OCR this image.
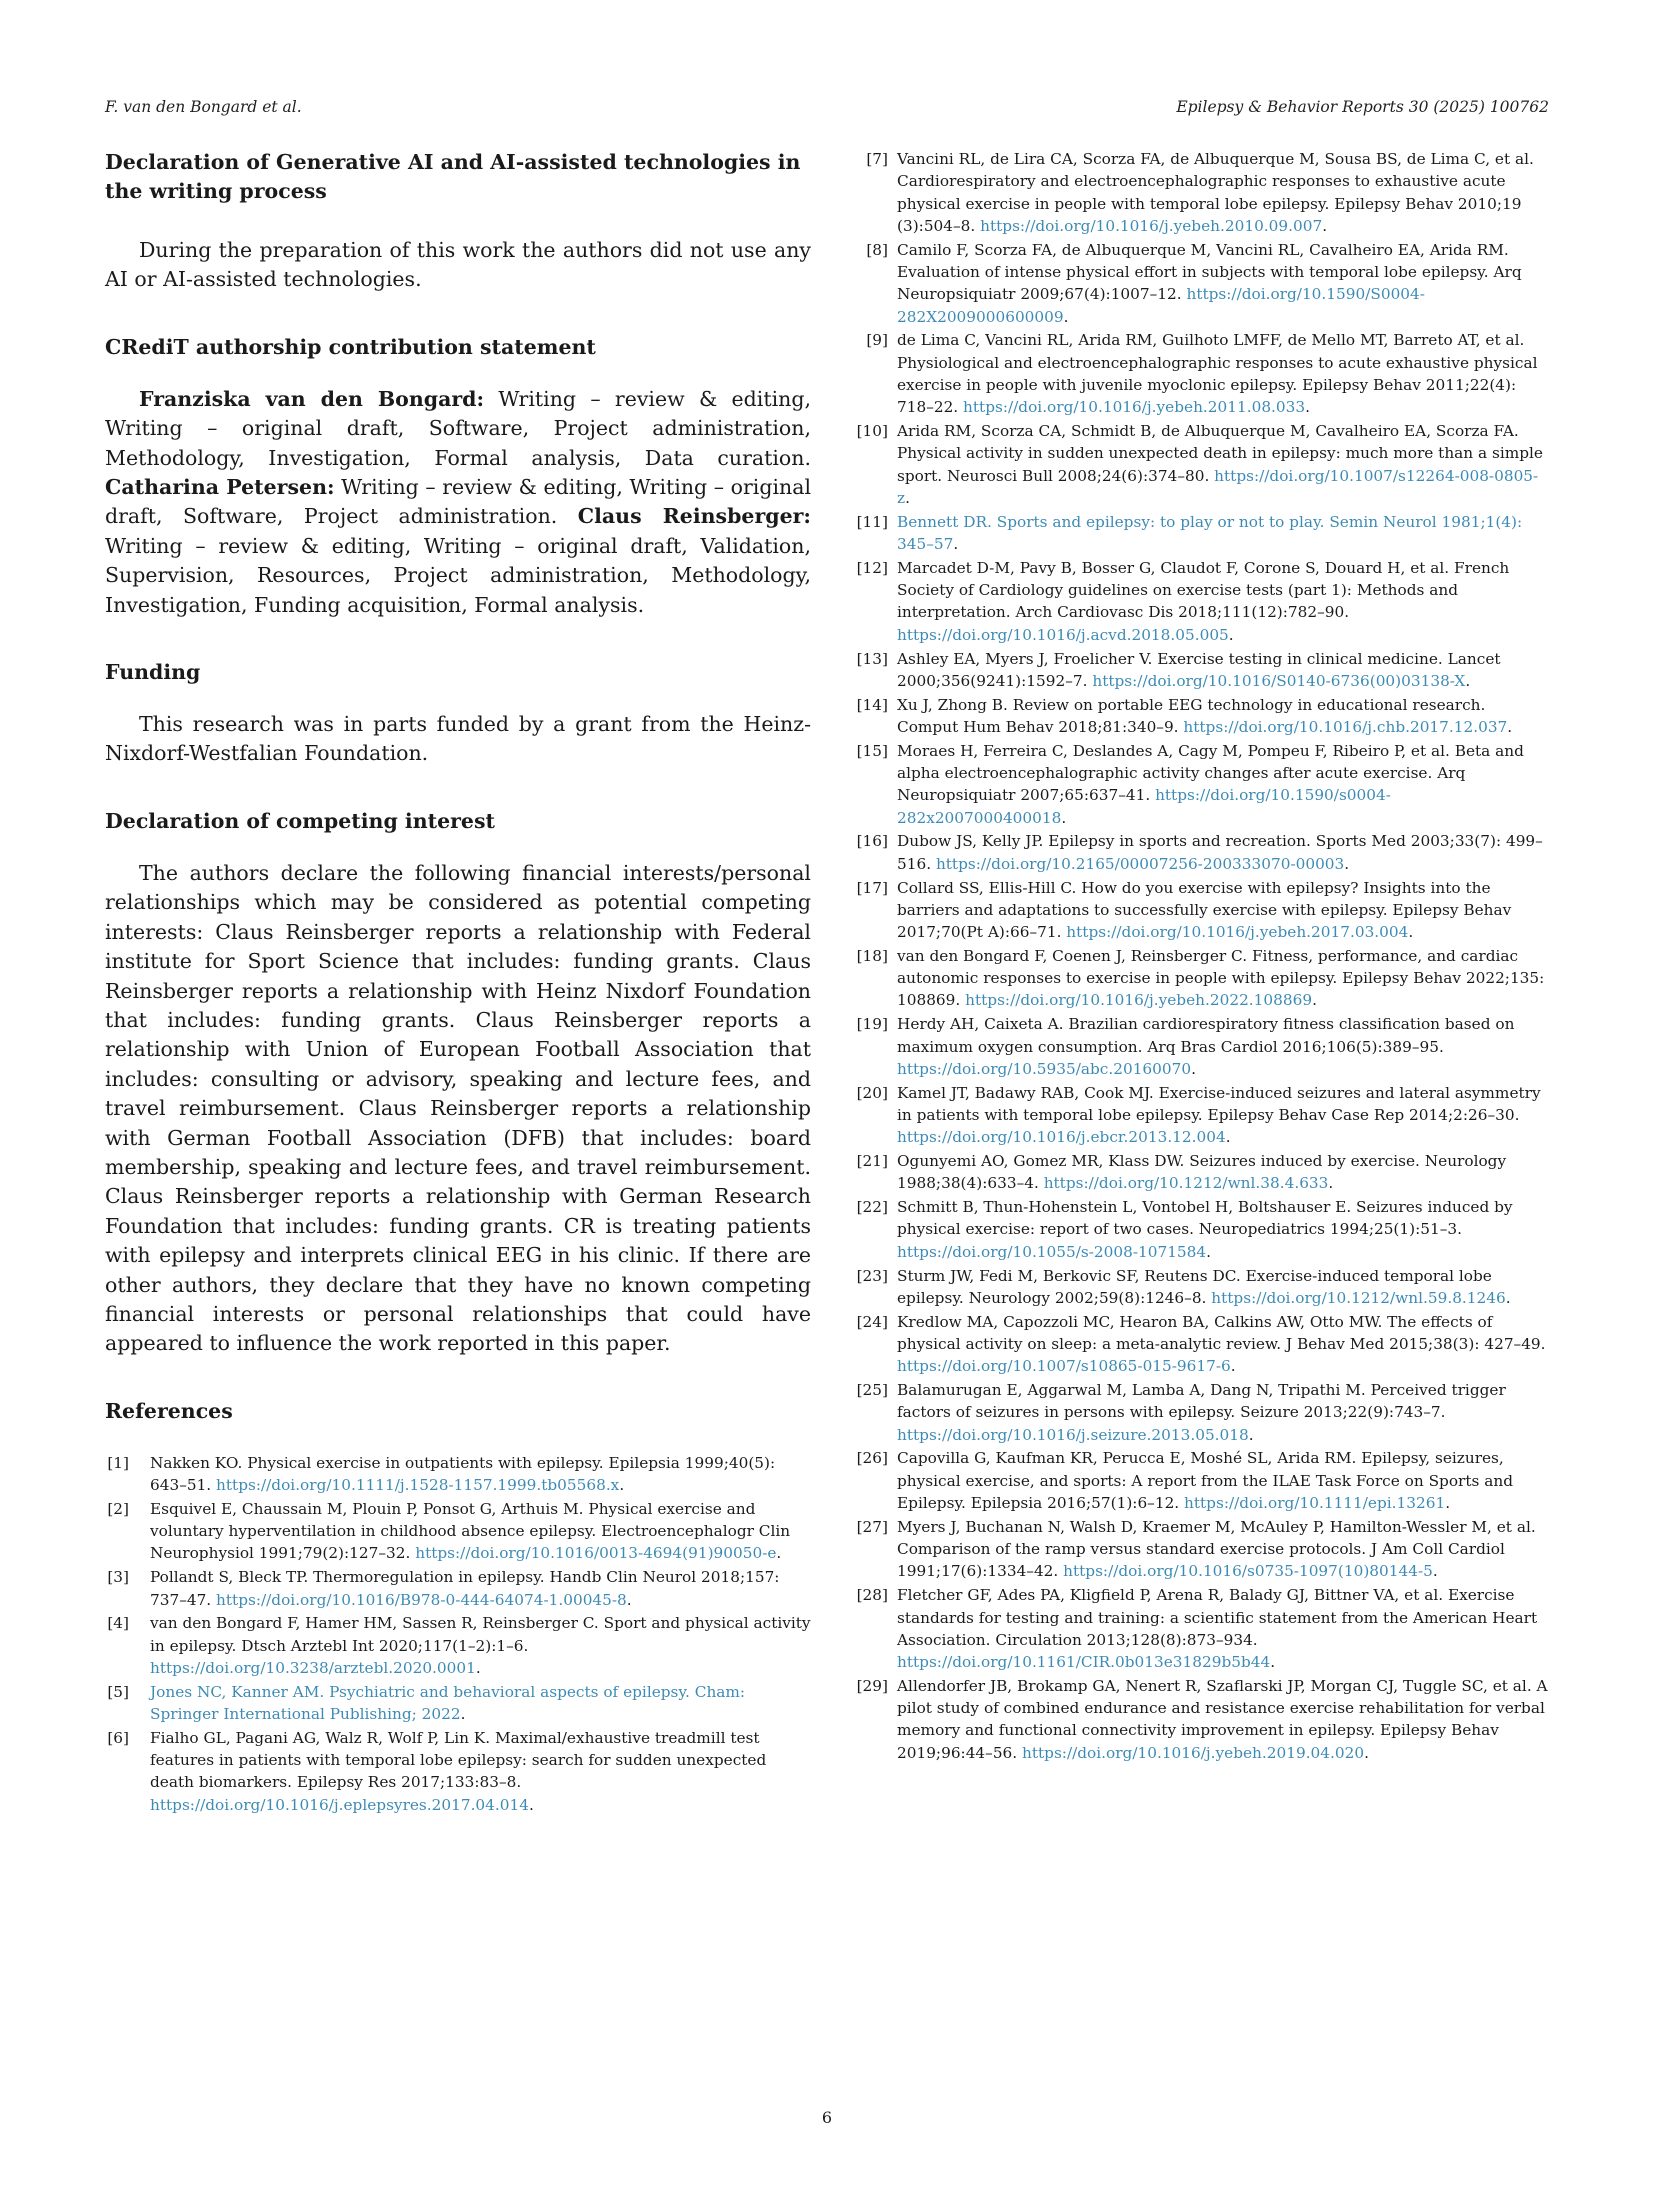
F. van den Bongard et al.	Epilepsy & Behavior Reports 30 (2025) 100762
Declaration of Generative AI and AI-assisted technologies in the writing process

During the preparation of this work the authors did not use any AI or AI-assisted technologies.

CRediT authorship contribution statement

Franziska van den Bongard: Writing – review & editing, Writing – original draft, Software, Project administration, Methodology, Investigation, Formal analysis, Data curation. Catharina Petersen: Writing – review & editing, Writing – original draft, Software, Project administration. Claus Reinsberger: Writing – review & editing, Writing – original draft, Validation, Supervision, Resources, Project administration, Methodology, Investigation, Funding acquisition, Formal analysis.

Funding

This research was in parts funded by a grant from the Heinz- Nixdorf-Westfalian Foundation.

Declaration of competing interest

The authors declare the following financial interests/personal relationships which may be considered as potential competing interests: Claus Reinsberger reports a relationship with Federal institute for Sport Science that includes: funding grants. Claus Reinsberger reports a relationship with Heinz Nixdorf Foundation that includes: funding grants. Claus Reinsberger reports a relationship with Union of European Football Association that includes: consulting or advisory, speaking and lecture fees, and travel reimbursement. Claus Reinsberger reports a relationship with German Football Association (DFB) that includes: board membership, speaking and lecture fees, and travel reimbursement. Claus Reinsberger reports a relationship with German Research Foundation that includes: funding grants. CR is treating patients with epilepsy and interprets clinical EEG in his clinic. If there are other authors, they declare that they have no known competing financial interests or personal relationships that could have appeared to influence the work reported in this paper.

References
[1] Nakken KO. Physical exercise in outpatients with epilepsy. Epilepsia 1999;40(5): 643–51. https://doi.org/10.1111/j.1528-1157.1999.tb05568.x.
[2] Esquivel E, Chaussain M, Plouin P, Ponsot G, Arthuis M. Physical exercise and voluntary hyperventilation in childhood absence epilepsy. Electroencephalogr Clin Neurophysiol 1991;79(2):127–32. https://doi.org/10.1016/0013-4694(91)90050-e.
[3] Pollandt S, Bleck TP. Thermoregulation in epilepsy. Handb Clin Neurol 2018;157: 737–47. https://doi.org/10.1016/B978-0-444-64074-1.00045-8.
[4] van den Bongard F, Hamer HM, Sassen R, Reinsberger C. Sport and physical activity in epilepsy. Dtsch Arztebl Int 2020;117(1–2):1–6. https://doi.org/10.3238/arztebl.2020.0001.
[5] Jones NC, Kanner AM. Psychiatric and behavioral aspects of epilepsy. Cham: Springer International Publishing; 2022.
[6] Fialho GL, Pagani AG, Walz R, Wolf P, Lin K. Maximal/exhaustive treadmill test features in patients with temporal lobe epilepsy: search for sudden unexpected death biomarkers. Epilepsy Res 2017;133:83–8. https://doi.org/10.1016/j.eplepsyres.2017.04.014.
[7] Vancini RL, de Lira CA, Scorza FA, de Albuquerque M, Sousa BS, de Lima C, et al. Cardiorespiratory and electroencephalographic responses to exhaustive acute physical exercise in people with temporal lobe epilepsy. Epilepsy Behav 2010;19 (3):504–8. https://doi.org/10.1016/j.yebeh.2010.09.007.
[8] Camilo F, Scorza FA, de Albuquerque M, Vancini RL, Cavalheiro EA, Arida RM. Evaluation of intense physical effort in subjects with temporal lobe epilepsy. Arq Neuropsiquiatr 2009;67(4):1007–12. https://doi.org/10.1590/S0004-282X2009000600009.
[9] de Lima C, Vancini RL, Arida RM, Guilhoto LMFF, de Mello MT, Barreto AT, et al. Physiological and electroencephalographic responses to acute exhaustive physical exercise in people with juvenile myoclonic epilepsy. Epilepsy Behav 2011;22(4): 718–22. https://doi.org/10.1016/j.yebeh.2011.08.033.
[10] Arida RM, Scorza CA, Schmidt B, de Albuquerque M, Cavalheiro EA, Scorza FA. Physical activity in sudden unexpected death in epilepsy: much more than a simple sport. Neurosci Bull 2008;24(6):374–80. https://doi.org/10.1007/s12264-008-0805-z.
[11] Bennett DR. Sports and epilepsy: to play or not to play. Semin Neurol 1981;1(4): 345–57.
[12] Marcadet D-M, Pavy B, Bosser G, Claudot F, Corone S, Douard H, et al. French Society of Cardiology guidelines on exercise tests (part 1): Methods and interpretation. Arch Cardiovasc Dis 2018;111(12):782–90. https://doi.org/10.1016/j.acvd.2018.05.005.
[13] Ashley EA, Myers J, Froelicher V. Exercise testing in clinical medicine. Lancet 2000;356(9241):1592–7. https://doi.org/10.1016/S0140-6736(00)03138-X.
[14] Xu J, Zhong B. Review on portable EEG technology in educational research. Comput Hum Behav 2018;81:340–9. https://doi.org/10.1016/j.chb.2017.12.037.
[15] Moraes H, Ferreira C, Deslandes A, Cagy M, Pompeu F, Ribeiro P, et al. Beta and alpha electroencephalographic activity changes after acute exercise. Arq Neuropsiquiatr 2007;65:637–41. https://doi.org/10.1590/s0004-282x2007000400018.
[16] Dubow JS, Kelly JP. Epilepsy in sports and recreation. Sports Med 2003;33(7): 499–516. https://doi.org/10.2165/00007256-200333070-00003.
[17] Collard SS, Ellis-Hill C. How do you exercise with epilepsy? Insights into the barriers and adaptations to successfully exercise with epilepsy. Epilepsy Behav 2017;70(Pt A):66–71. https://doi.org/10.1016/j.yebeh.2017.03.004.
[18] van den Bongard F, Coenen J, Reinsberger C. Fitness, performance, and cardiac autonomic responses to exercise in people with epilepsy. Epilepsy Behav 2022;135: 108869. https://doi.org/10.1016/j.yebeh.2022.108869.
[19] Herdy AH, Caixeta A. Brazilian cardiorespiratory fitness classification based on maximum oxygen consumption. Arq Bras Cardiol 2016;106(5):389–95. https://doi.org/10.5935/abc.20160070.
[20] Kamel JT, Badawy RAB, Cook MJ. Exercise-induced seizures and lateral asymmetry in patients with temporal lobe epilepsy. Epilepsy Behav Case Rep 2014;2:26–30. https://doi.org/10.1016/j.ebcr.2013.12.004.
[21] Ogunyemi AO, Gomez MR, Klass DW. Seizures induced by exercise. Neurology 1988;38(4):633–4. https://doi.org/10.1212/wnl.38.4.633.
[22] Schmitt B, Thun-Hohenstein L, Vontobel H, Boltshauser E. Seizures induced by physical exercise: report of two cases. Neuropediatrics 1994;25(1):51–3. https://doi.org/10.1055/s-2008-1071584.
[23] Sturm JW, Fedi M, Berkovic SF, Reutens DC. Exercise-induced temporal lobe epilepsy. Neurology 2002;59(8):1246–8. https://doi.org/10.1212/wnl.59.8.1246.
[24] Kredlow MA, Capozzoli MC, Hearon BA, Calkins AW, Otto MW. The effects of physical activity on sleep: a meta-analytic review. J Behav Med 2015;38(3): 427–49. https://doi.org/10.1007/s10865-015-9617-6.
[25] Balamurugan E, Aggarwal M, Lamba A, Dang N, Tripathi M. Perceived trigger factors of seizures in persons with epilepsy. Seizure 2013;22(9):743–7. https://doi.org/10.1016/j.seizure.2013.05.018.
[26] Capovilla G, Kaufman KR, Perucca E, Moshé SL, Arida RM. Epilepsy, seizures, physical exercise, and sports: A report from the ILAE Task Force on Sports and Epilepsy. Epilepsia 2016;57(1):6–12. https://doi.org/10.1111/epi.13261.
[27] Myers J, Buchanan N, Walsh D, Kraemer M, McAuley P, Hamilton-Wessler M, et al. Comparison of the ramp versus standard exercise protocols. J Am Coll Cardiol 1991;17(6):1334–42. https://doi.org/10.1016/s0735-1097(10)80144-5.
[28] Fletcher GF, Ades PA, Kligfield P, Arena R, Balady GJ, Bittner VA, et al. Exercise standards for testing and training: a scientific statement from the American Heart Association. Circulation 2013;128(8):873–934. https://doi.org/10.1161/CIR.0b013e31829b5b44.
[29] Allendorfer JB, Brokamp GA, Nenert R, Szaflarski JP, Morgan CJ, Tuggle SC, et al. A pilot study of combined endurance and resistance exercise rehabilitation for verbal memory and functional connectivity improvement in epilepsy. Epilepsy Behav 2019;96:44–56. https://doi.org/10.1016/j.yebeh.2019.04.020.
6
